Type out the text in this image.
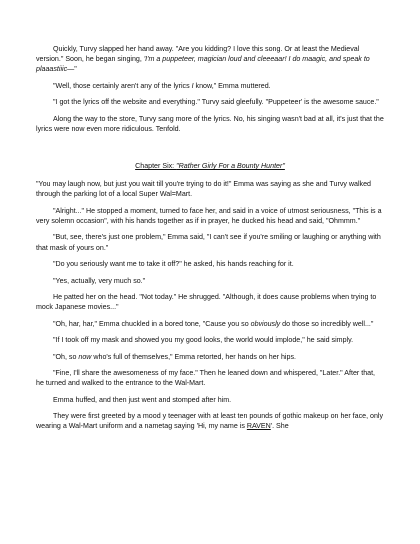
Quickly, Turvy slapped her hand away. "Are you kidding? I love this song. Or at least the Medieval version." Soon, he began singing, 'I'm a puppeteer, magician loud and cleeeaar! I do maagic, and speak to plaaastiiic—"

"Well, those certainly aren't any of the lyrics I know," Emma muttered.

"I got the lyrics off the website and everything." Turvy said gleefully. "Puppeteer' is the awesome sauce."

Along the way to the store, Turvy sang more of the lyrics. No, his singing wasn't bad at all, it's just that the lyrics were now even more ridiculous. Tenfold.

Chapter Six: "Rather Girly For a Bounty Hunter"

"You may laugh now, but just you wait till you're trying to do it!" Emma was saying as she and Turvy walked through the parking lot of a local Super Wal=Mart.

"Alright..." He stopped a moment, turned to face her, and said in a voice of utmost seriousness, "This is a very solemn occasion", with his hands together as if in prayer, he ducked his head and said, "Ohmmm."

"But, see, there's just one problem," Emma said, "I can't see if you're smiling or laughing or anything with that mask of yours on."

"Do you seriously want me to take it off?" he asked, his hands reaching for it.

"Yes, actually, very much so."

He patted her on the head. "Not today." He shrugged. "Although, it does cause problems when trying to mock Japanese movies..."

"Oh, har, har," Emma chuckled in a bored tone, "Cause you so obviously do those so incredibly well..."

"If I took off my mask and showed you my good looks, the world would implode," he said simply.

"Oh, so now who's full of themselves," Emma retorted, her hands on her hips.

"Fine, I'll share the awesomeness of my face." Then he leaned down and whispered, "Later." After that, he turned and walked to the entrance to the Wal-Mart.

Emma huffed, and then just went and stomped after him.

They were first greeted by a mood y teenager with at least ten pounds of gothic makeup on her face, only wearing a Wal-Mart uniform and a nametag saying 'Hi, my name is RAVEN'. She
